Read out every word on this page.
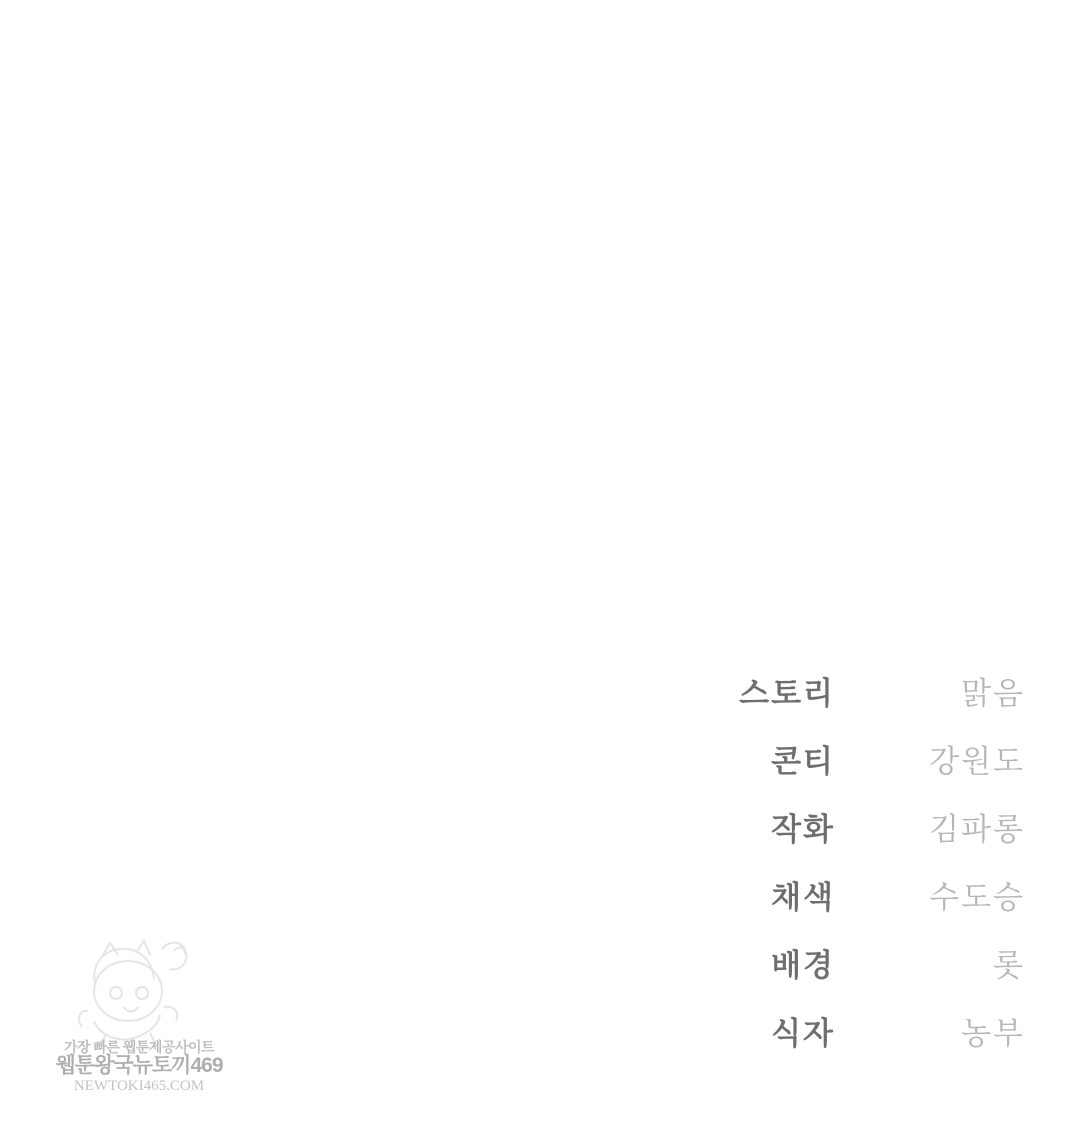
스토리	맑음
콘티	강원도
작화	김파롱
채색	수도승
배경	롯
식자	농부
가장 빠른 웹툰제공사이트
웹툰왕국뉴토끼469
NEWTOKI465.COM
